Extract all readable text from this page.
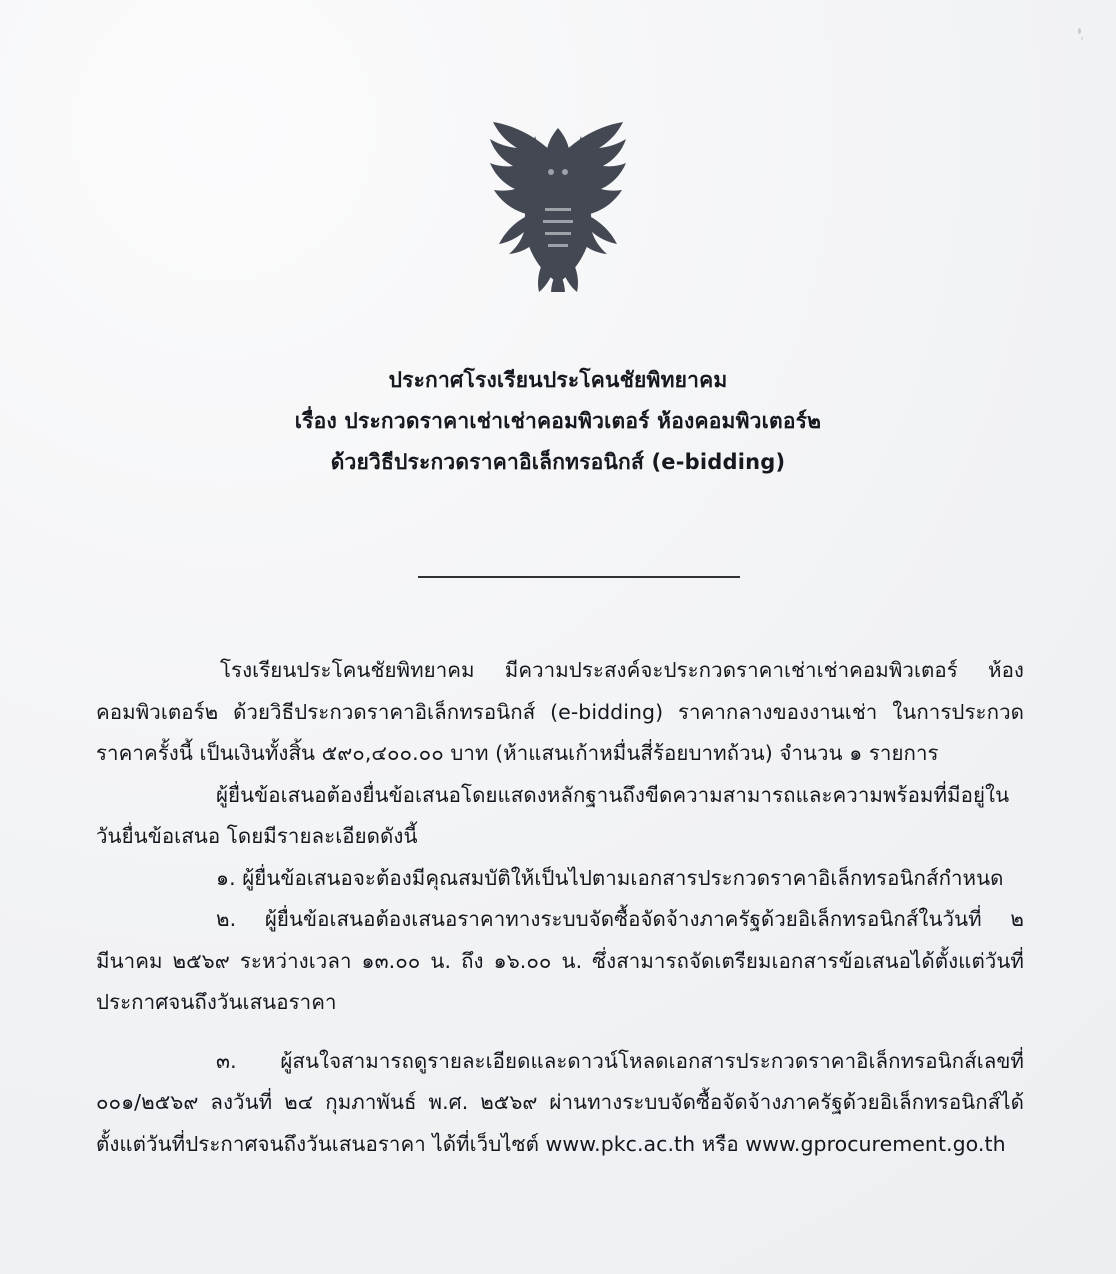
ประกาศโรงเรียนประโคนชัยพิทยาคม
เรื่อง ประกวดราคาเช่าเช่าคอมพิวเตอร์ ห้องคอมพิวเตอร์๒
ด้วยวิธีประกวดราคาอิเล็กทรอนิกส์ (e-bidding)

โรงเรียนประโคนชัยพิทยาคม มีความประสงค์จะประกวดราคาเช่าเช่าคอมพิวเตอร์ ห้องคอมพิวเตอร์๒ ด้วยวิธีประกวดราคาอิเล็กทรอนิกส์ (e-bidding) ราคากลางของงานเช่า ในการประกวดราคาครั้งนี้ เป็นเงินทั้งสิ้น ๕๙๐,๔๐๐.๐๐ บาท (ห้าแสนเก้าหมื่นสี่ร้อยบาทถ้วน) จำนวน ๑ รายการ

ผู้ยื่นข้อเสนอต้องยื่นข้อเสนอโดยแสดงหลักฐานถึงขีดความสามารถและความพร้อมที่มีอยู่ในวันยื่นข้อเสนอ โดยมีรายละเอียดดังนี้

๑. ผู้ยื่นข้อเสนอจะต้องมีคุณสมบัติให้เป็นไปตามเอกสารประกวดราคาอิเล็กทรอนิกส์กำหนด

๒. ผู้ยื่นข้อเสนอต้องเสนอราคาทางระบบจัดซื้อจัดจ้างภาครัฐด้วยอิเล็กทรอนิกส์ในวันที่ ๒ มีนาคม ๒๕๖๙ ระหว่างเวลา ๑๓.๐๐ น. ถึง ๑๖.๐๐ น. ซึ่งสามารถจัดเตรียมเอกสารข้อเสนอได้ตั้งแต่วันที่ประกาศจนถึงวันเสนอราคา

๓. ผู้สนใจสามารถดูรายละเอียดและดาวน์โหลดเอกสารประกวดราคาอิเล็กทรอนิกส์เลขที่ ๐๐๑/๒๕๖๙ ลงวันที่ ๒๔ กุมภาพันธ์ พ.ศ. ๒๕๖๙ ผ่านทางระบบจัดซื้อจัดจ้างภาครัฐด้วยอิเล็กทรอนิกส์ได้ตั้งแต่วันที่ประกาศจนถึงวันเสนอราคา ได้ที่เว็บไซต์ www.pkc.ac.th หรือ www.gprocurement.go.th
